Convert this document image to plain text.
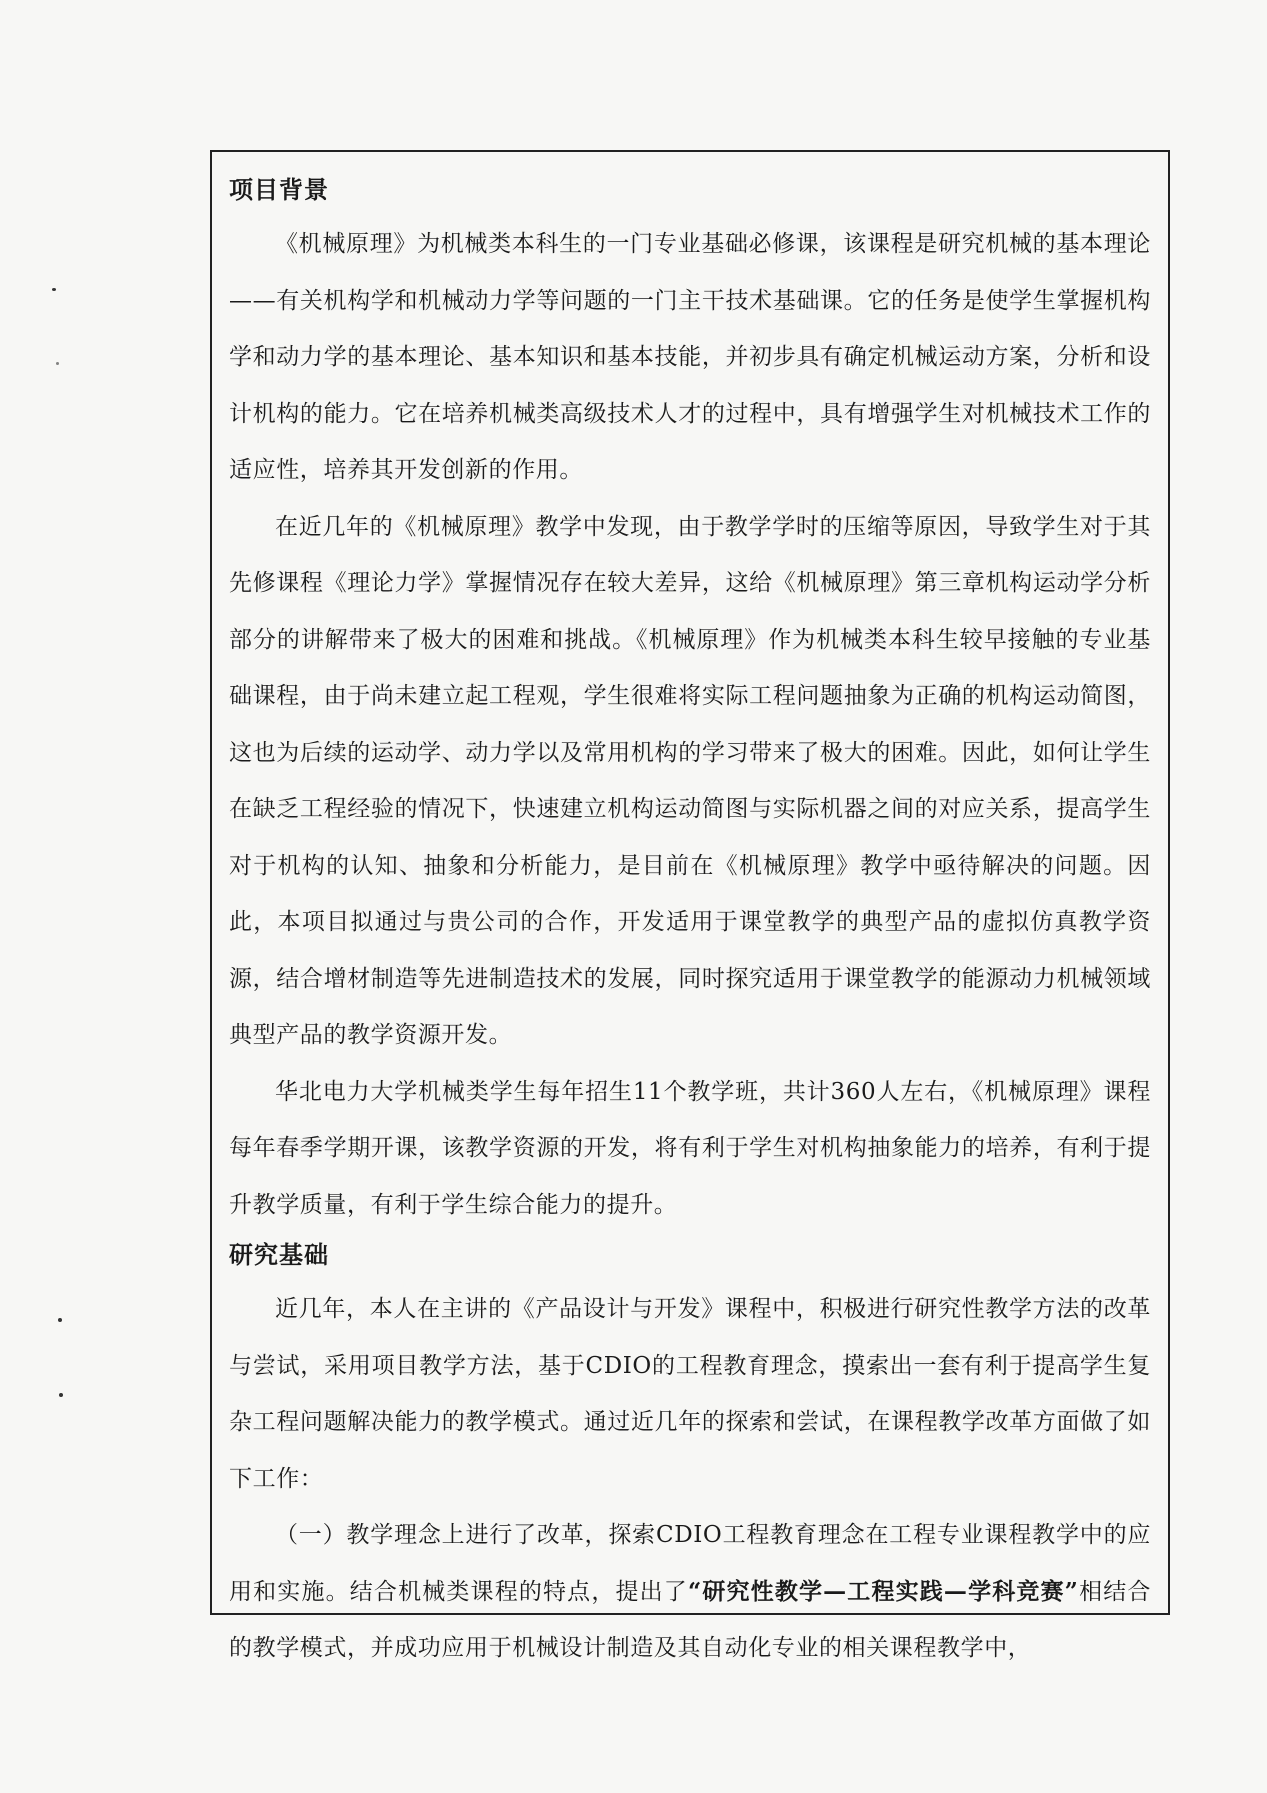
项目背景

《机械原理》为机械类本科生的一门专业基础必修课，该课程是研究机械的基本理论——有关机构学和机械动力学等问题的一门主干技术基础课。它的任务是使学生掌握机构学和动力学的基本理论、基本知识和基本技能，并初步具有确定机械运动方案，分析和设计机构的能力。它在培养机械类高级技术人才的过程中，具有增强学生对机械技术工作的适应性，培养其开发创新的作用。

在近几年的《机械原理》教学中发现，由于教学学时的压缩等原因，导致学生对于其先修课程《理论力学》掌握情况存在较大差异，这给《机械原理》第三章机构运动学分析部分的讲解带来了极大的困难和挑战。《机械原理》作为机械类本科生较早接触的专业基础课程，由于尚未建立起工程观，学生很难将实际工程问题抽象为正确的机构运动简图，这也为后续的运动学、动力学以及常用机构的学习带来了极大的困难。因此，如何让学生在缺乏工程经验的情况下，快速建立机构运动简图与实际机器之间的对应关系，提高学生对于机构的认知、抽象和分析能力，是目前在《机械原理》教学中亟待解决的问题。因此，本项目拟通过与贵公司的合作，开发适用于课堂教学的典型产品的虚拟仿真教学资源，结合增材制造等先进制造技术的发展，同时探究适用于课堂教学的能源动力机械领域典型产品的教学资源开发。

华北电力大学机械类学生每年招生11个教学班，共计360人左右，《机械原理》课程每年春季学期开课，该教学资源的开发，将有利于学生对机构抽象能力的培养，有利于提升教学质量，有利于学生综合能力的提升。

研究基础

近几年，本人在主讲的《产品设计与开发》课程中，积极进行研究性教学方法的改革与尝试，采用项目教学方法，基于CDIO的工程教育理念，摸索出一套有利于提高学生复杂工程问题解决能力的教学模式。通过近几年的探索和尝试，在课程教学改革方面做了如下工作：

（一）教学理念上进行了改革，探索CDIO工程教育理念在工程专业课程教学中的应用和实施。结合机械类课程的特点，提出了“研究性教学—工程实践—学科竞赛”相结合的教学模式，并成功应用于机械设计制造及其自动化专业的相关课程教学中，
